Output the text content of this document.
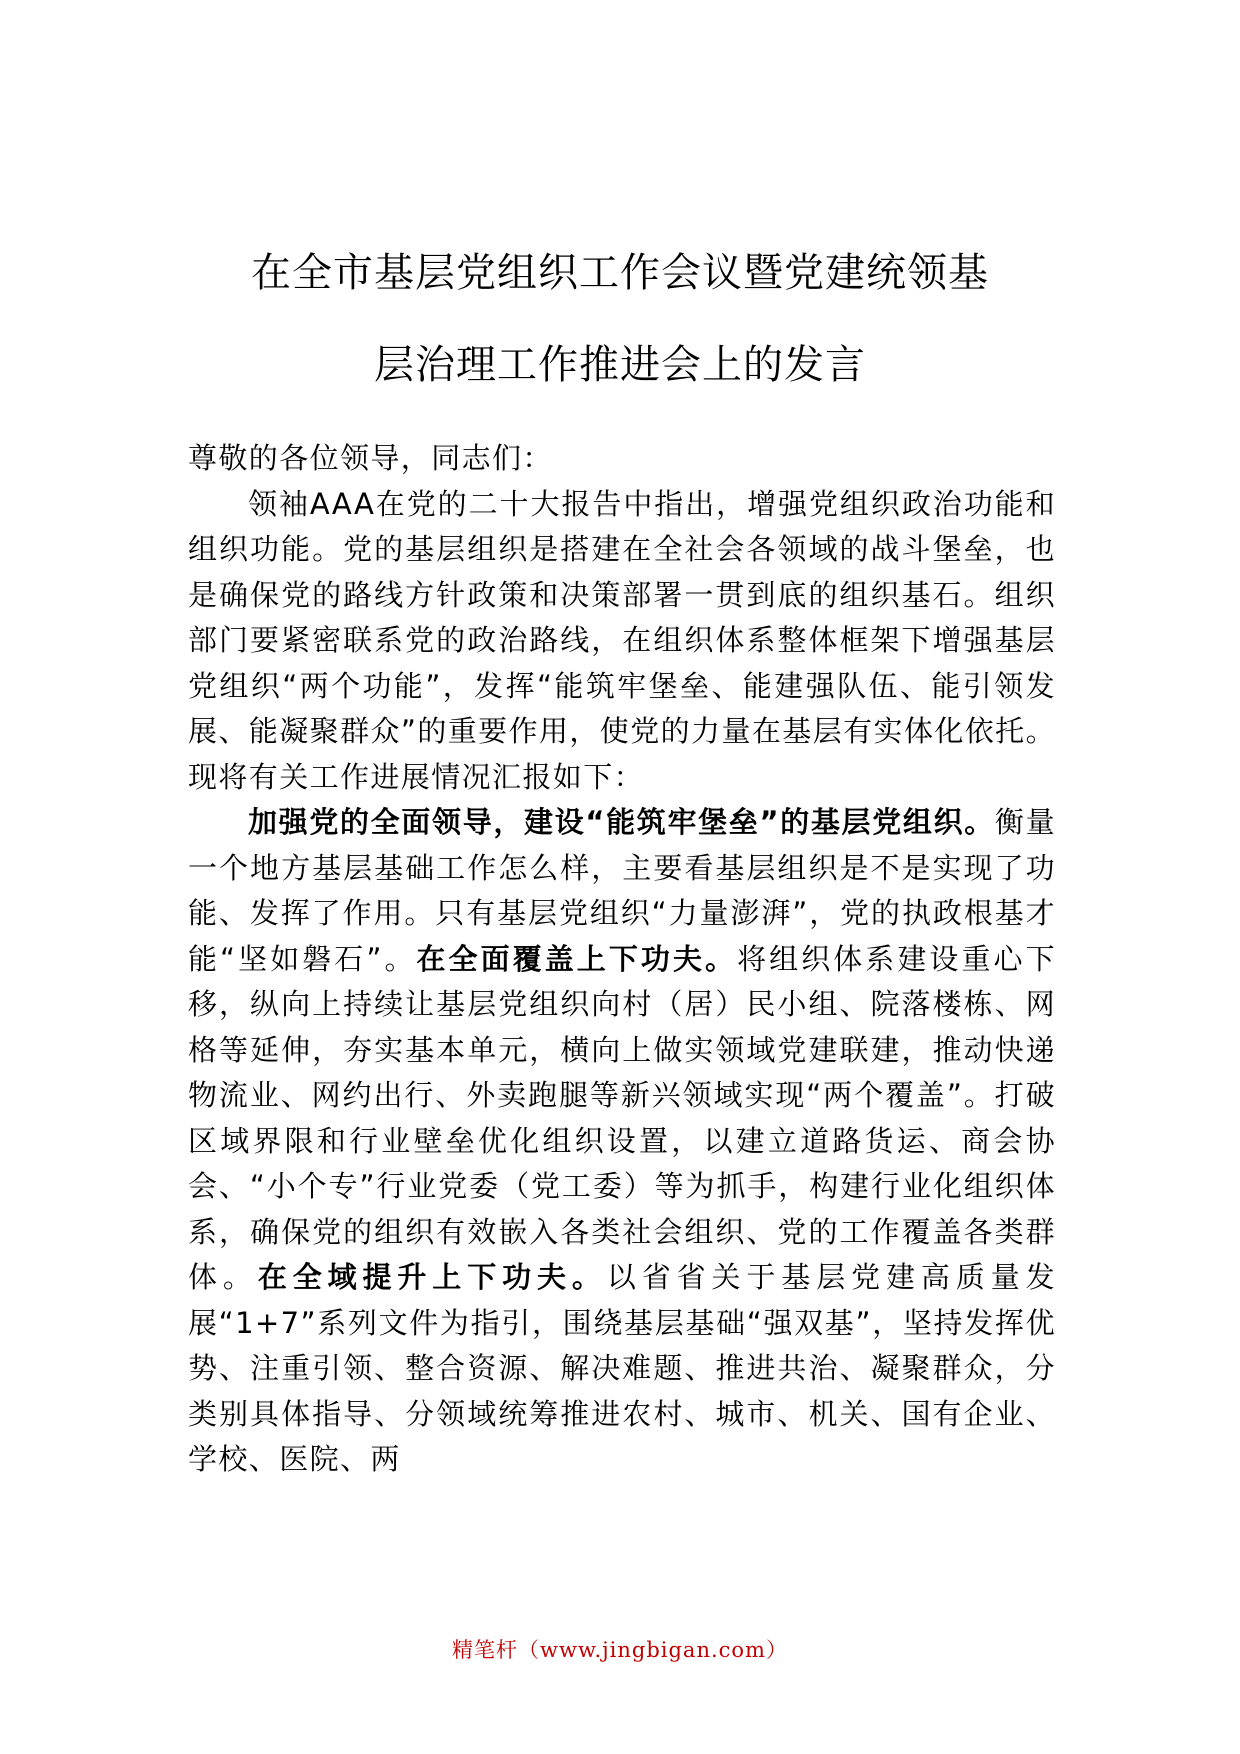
在全市基层党组织工作会议暨党建统领基
层治理工作推进会上的发言

尊敬的各位领导，同志们：

领袖AAA在党的二十大报告中指出，增强党组织政治功能和组织功能。党的基层组织是搭建在全社会各领域的战斗堡垒，也是确保党的路线方针政策和决策部署一贯到底的组织基石。组织部门要紧密联系党的政治路线，在组织体系整体框架下增强基层党组织“两个功能”，发挥“能筑牢堡垒、能建强队伍、能引领发展、能凝聚群众”的重要作用，使党的力量在基层有实体化依托。现将有关工作进展情况汇报如下：

加强党的全面领导，建设“能筑牢堡垒”的基层党组织。衡量一个地方基层基础工作怎么样，主要看基层组织是不是实现了功能、发挥了作用。只有基层党组织“力量澎湃”，党的执政根基才能“坚如磐石”。在全面覆盖上下功夫。将组织体系建设重心下移，纵向上持续让基层党组织向村（居）民小组、院落楼栋、网格等延伸，夯实基本单元，横向上做实领域党建联建，推动快递物流业、网约出行、外卖跑腿等新兴领域实现“两个覆盖”。打破区域界限和行业壁垒优化组织设置，以建立道路货运、商会协会、“小个专”行业党委（党工委）等为抓手，构建行业化组织体系，确保党的组织有效嵌入各类社会组织、党的工作覆盖各类群体。在全域提升上下功夫。以省省关于基层党建高质量发展“1+7”系列文件为指引，围绕基层基础“强双基”，坚持发挥优势、注重引领、整合资源、解决难题、推进共治、凝聚群众，分类别具体指导、分领域统筹推进农村、城市、机关、国有企业、学校、医院、两

精笔杆（www.jingbigan.com）
